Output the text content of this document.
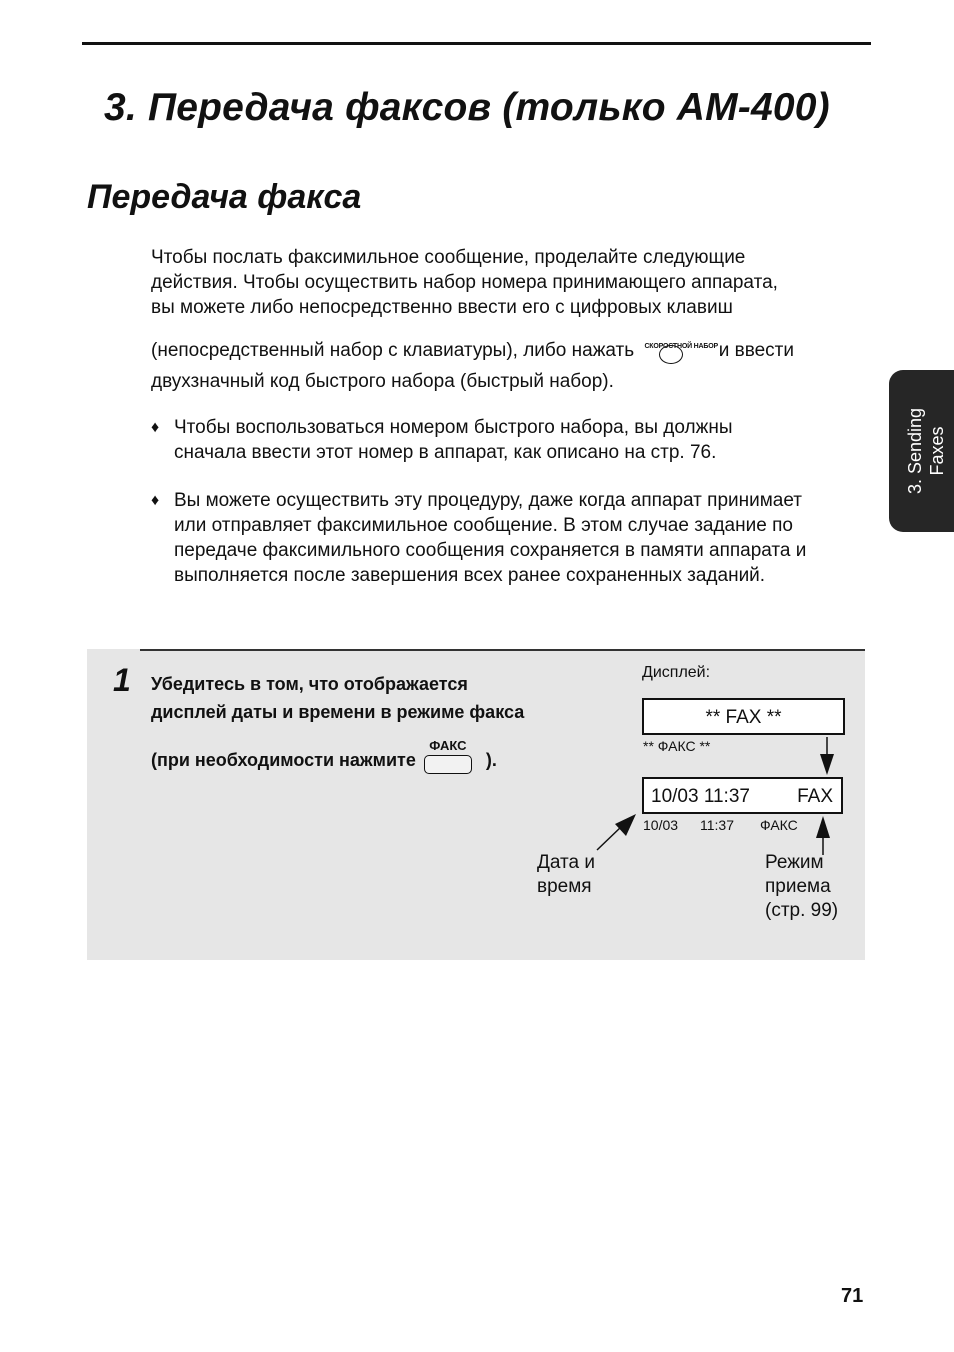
3. Передача факсов (только АМ-400)
Передача факса
Чтобы послать факсимильное сообщение, проделайте следующие
действия. Чтобы осуществить набор номера принимающего аппарата,
вы можете либо непосредственно ввести его с цифровых клавиш
(непосредственный набор с клавиатуры), либо нажать СКОРОСТНОЙ НАБОР и ввести
двухзначный код быстрого набора (быстрый набор).
♦ Чтобы воспользоваться номером быстрого набора, вы должны
сначала ввести этот номер в аппарат, как описано на стр. 76.
♦ Вы можете осуществить эту процедуру, даже когда аппарат принимает
или отправляет факсимильное сообщение. В этом случае задание по
передаче факсимильного сообщения сохраняется в памяти аппарата и
выполняется после завершения всех ранее сохраненных заданий.
1 Убедитесь в том, что отображается
дисплей даты и времени в режиме факса
(при необходимости нажмите
ФАКС
).
Дисплей:
** FAX **
** ФАКС **
10/03 11:37 FAX
10/03 11:37 ФАКС
Дата и
время
Режим
приема
(стр. 99)
3. Sending Faxes
71
